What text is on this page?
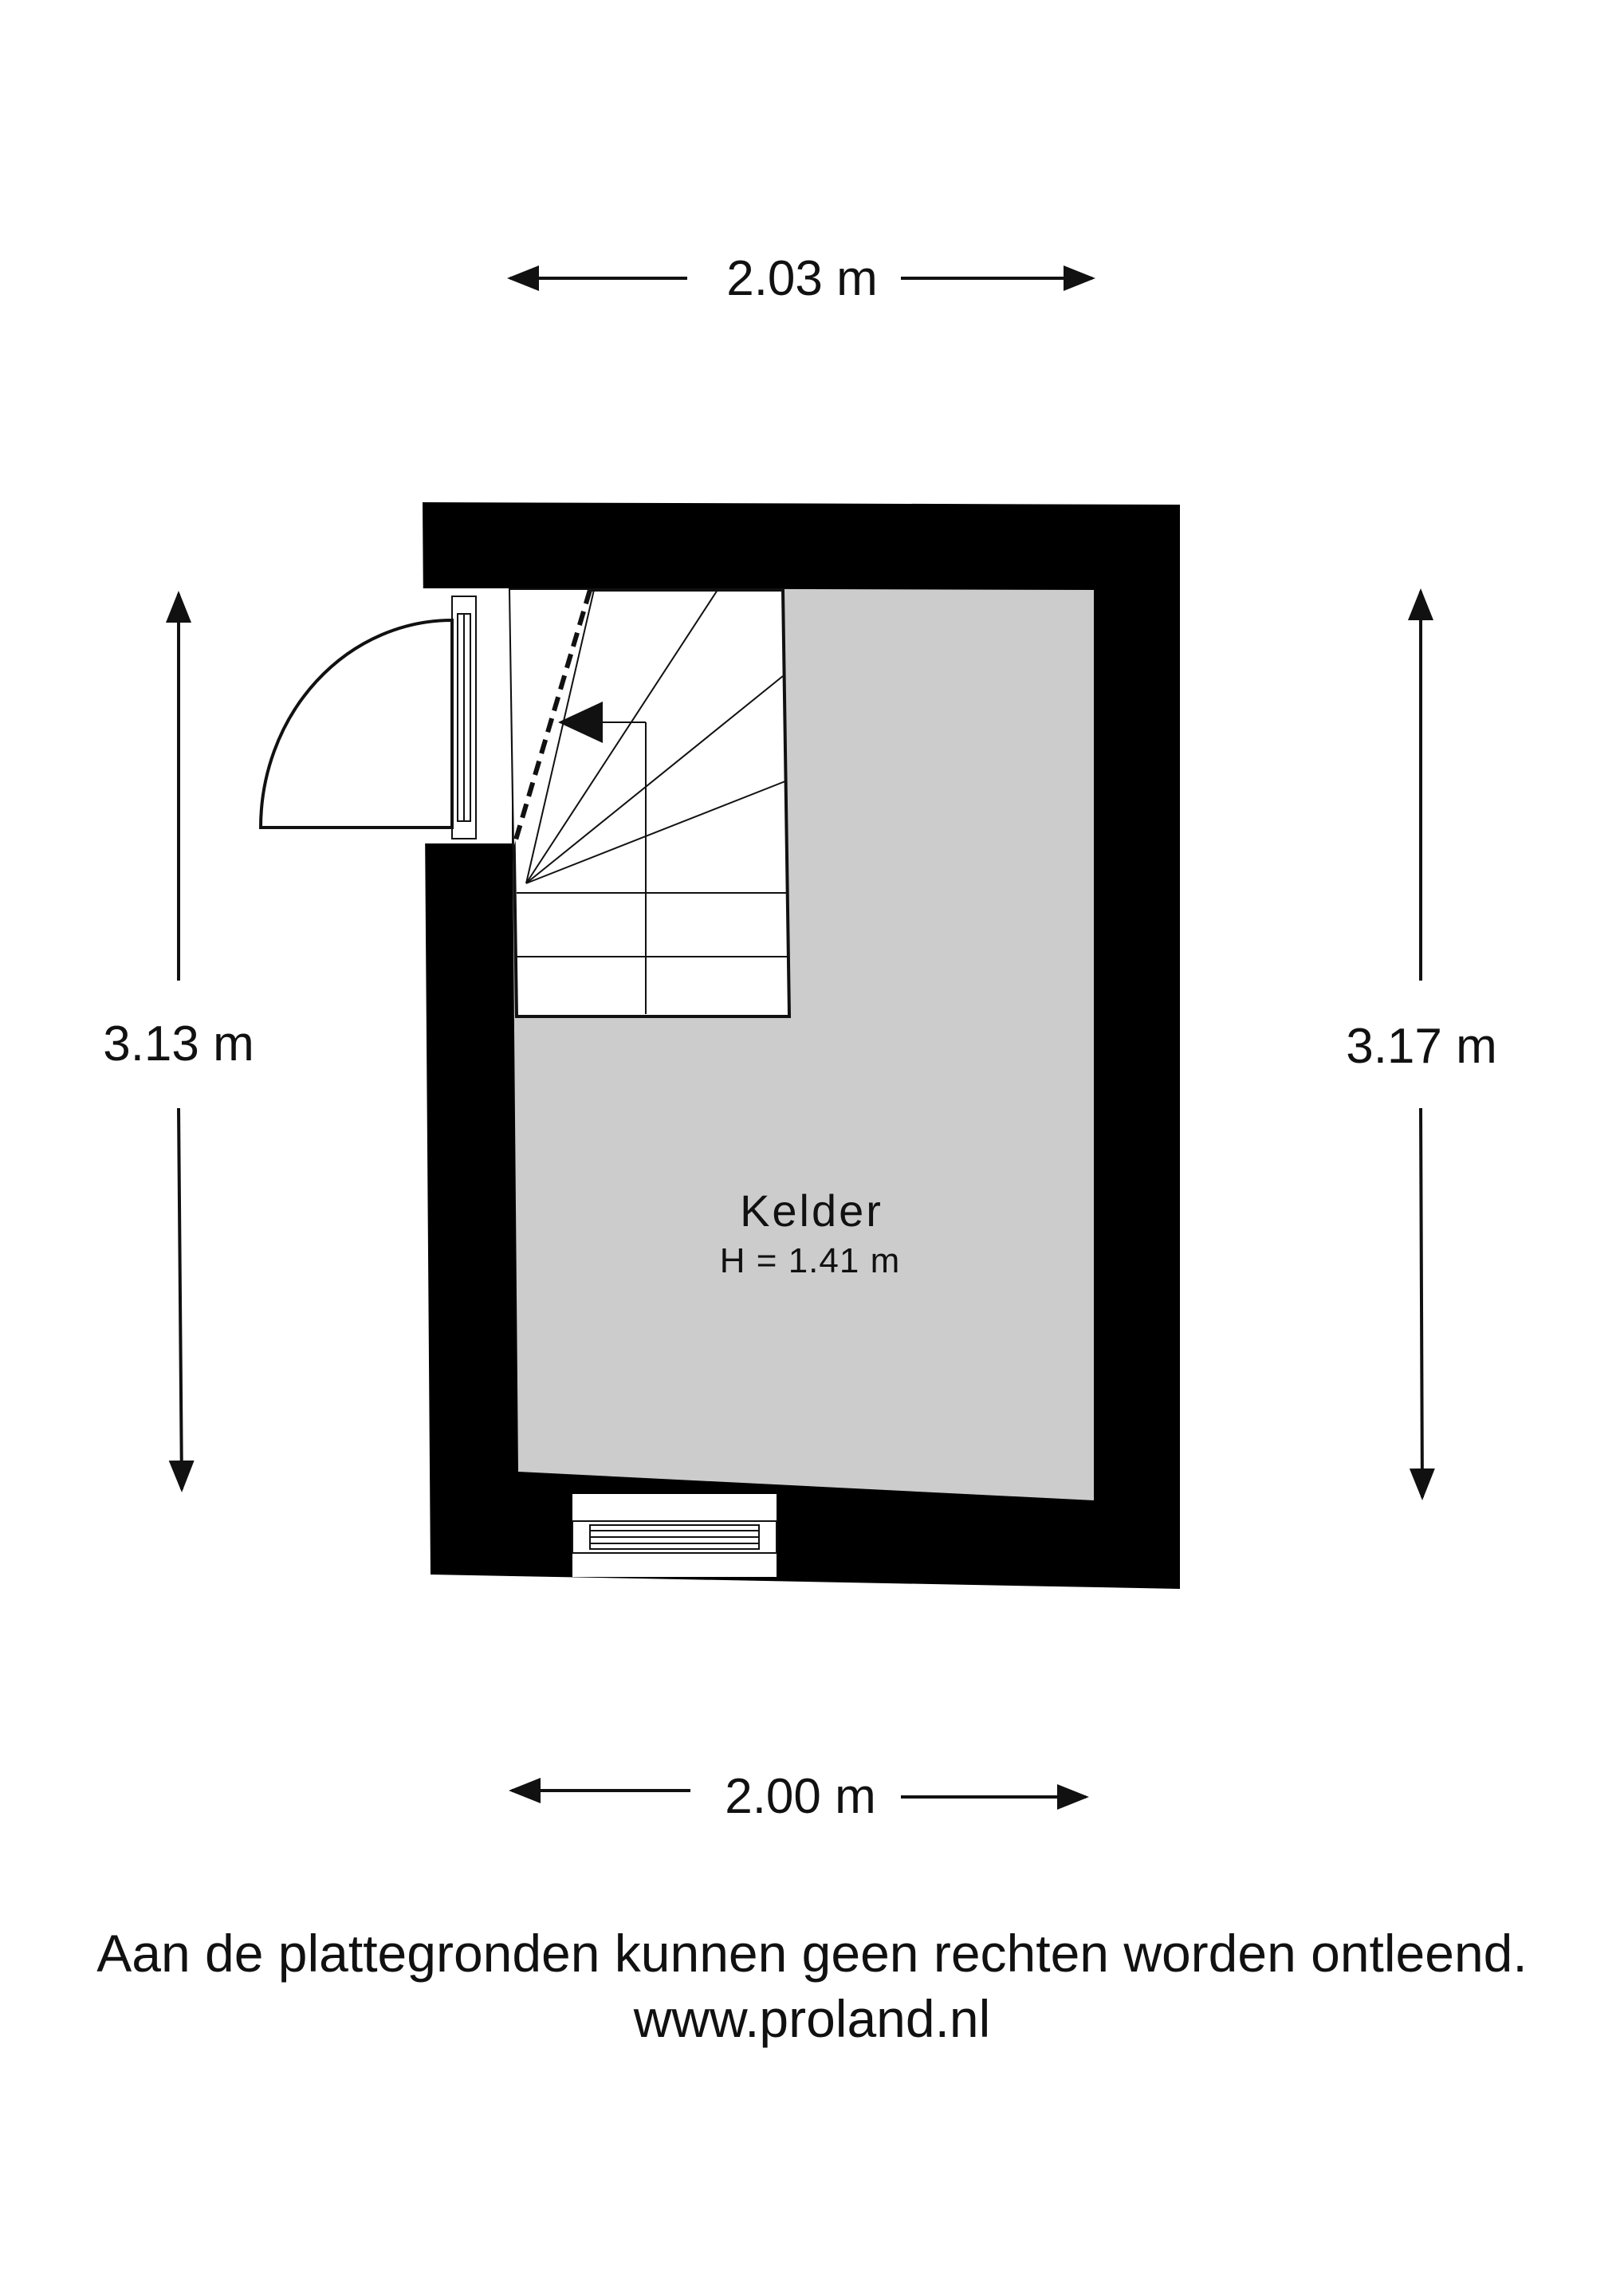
2.03 m
2.00 m
3.13 m	3.17 m
Kelder
H = 1.41 m
Aan de plattegronden kunnen geen rechten worden ontleend.
www.proland.nl
